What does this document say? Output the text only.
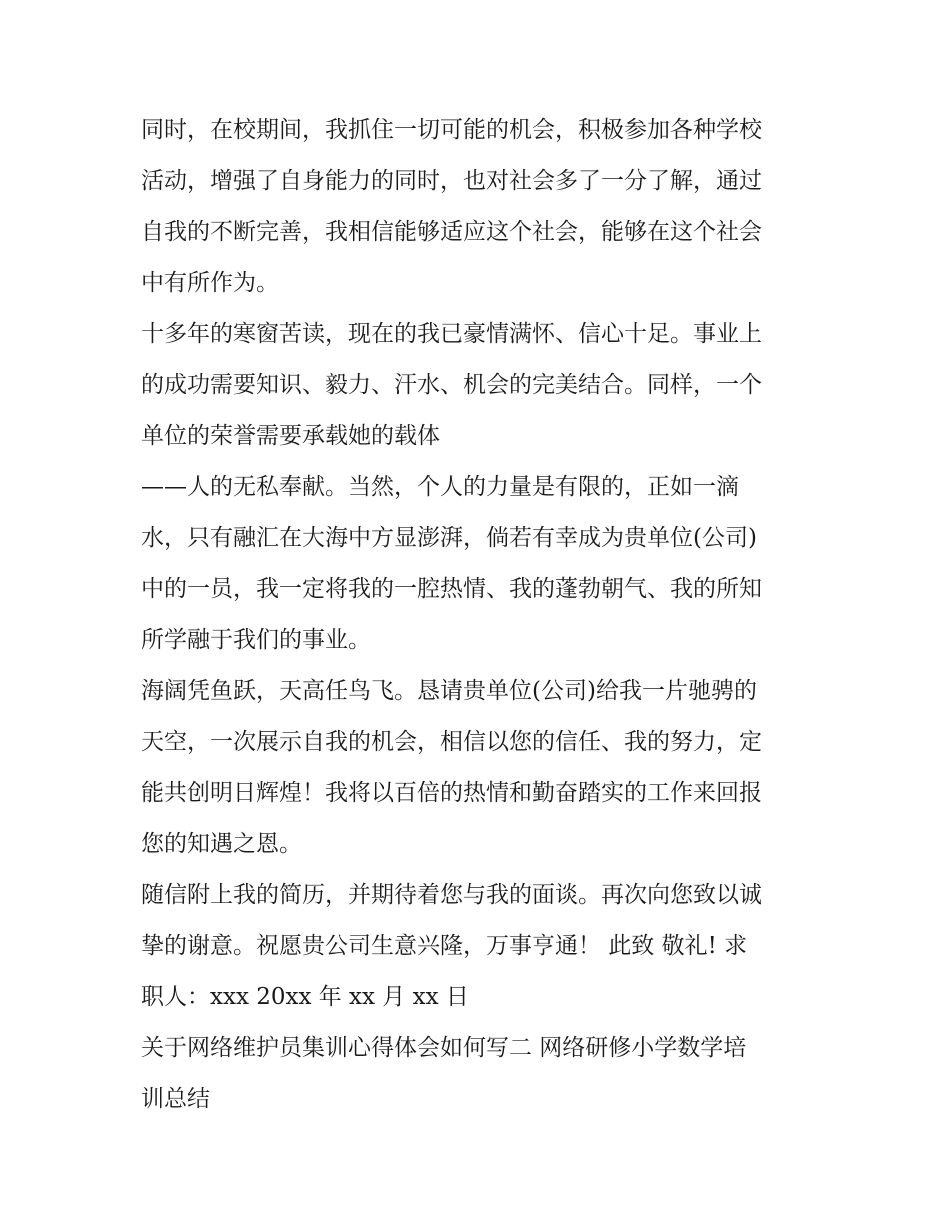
同时，在校期间，我抓住一切可能的机会，积极参加各种学校
活动，增强了自身能力的同时，也对社会多了一分了解，通过
自我的不断完善，我相信能够适应这个社会，能够在这个社会
中有所作为。
十多年的寒窗苦读，现在的我已豪情满怀、信心十足。事业上
的成功需要知识、毅力、汗水、机会的完美结合。同样，一个
单位的荣誉需要承载她的载体
——人的无私奉献。当然，个人的力量是有限的，正如一滴
水，只有融汇在大海中方显澎湃，倘若有幸成为贵单位(公司)
中的一员，我一定将我的一腔热情、我的蓬勃朝气、我的所知
所学融于我们的事业。
海阔凭鱼跃，天高任鸟飞。恳请贵单位(公司)给我一片驰骋的
天空，一次展示自我的机会，相信以您的信任、我的努力，定
能共创明日辉煌！我将以百倍的热情和勤奋踏实的工作来回报
您的知遇之恩。
随信附上我的简历，并期待着您与我的面谈。再次向您致以诚
挚的谢意。祝愿贵公司生意兴隆，万事亨通！ 此致 敬礼! 求
职人：xxx 20xx 年 xx 月 xx 日
关于网络维护员集训心得体会如何写二 网络研修小学数学培
训总结
